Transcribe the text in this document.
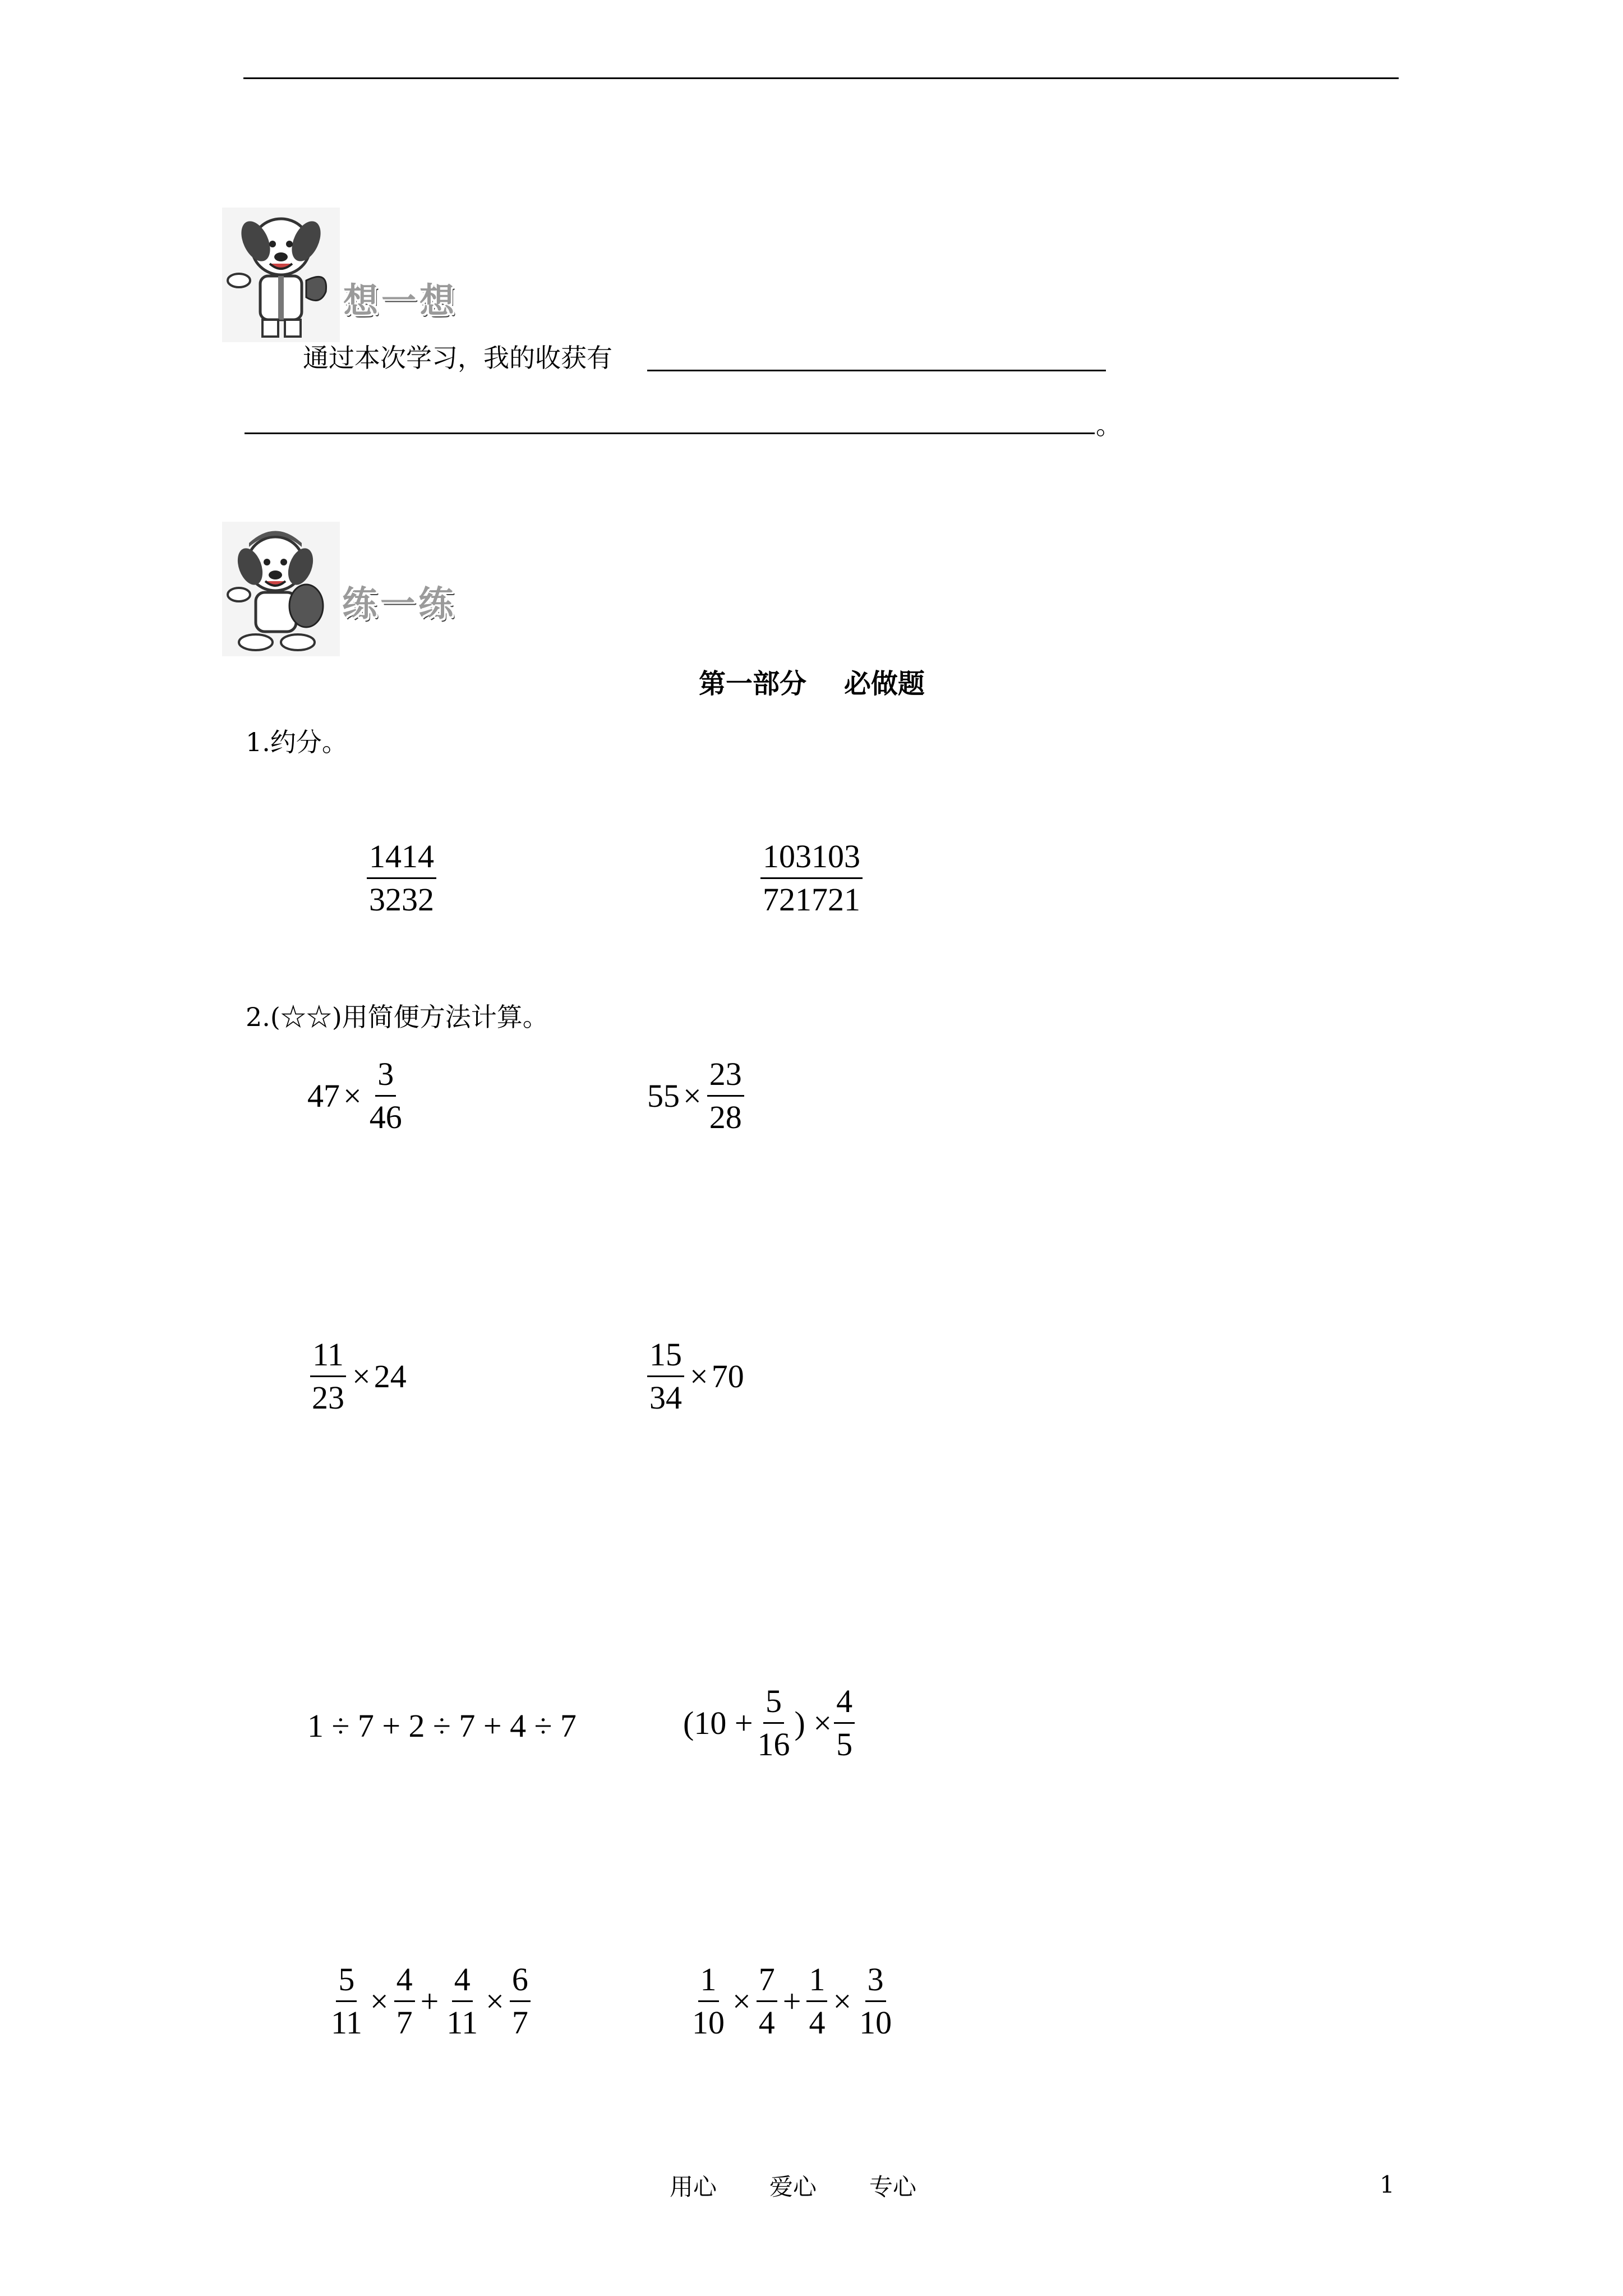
想一想
通过本次学习，我的收获有
。
练一练
第一部分    必做题
1.约分。
$\frac{1414}{3232}$	$\frac{103103}{721721}$
2.(☆☆)用简便方法计算。
$47 \times \frac{3}{46}$	$55 \times \frac{23}{28}$
$\frac{11}{23} \times 24$	$\frac{15}{34} \times 70$
1 ÷ 7 + 2 ÷ 7 + 4 ÷ 7	($10 + \frac{5}{16}$ ) × $\frac{4}{5}$
$\frac{5}{11} \times \frac{4}{7} + \frac{4}{11} \times \frac{6}{7}$	$\frac{1}{10} \times \frac{7}{4} + \frac{1}{4} \times \frac{3}{10}$
用心 爱心 专心	1
